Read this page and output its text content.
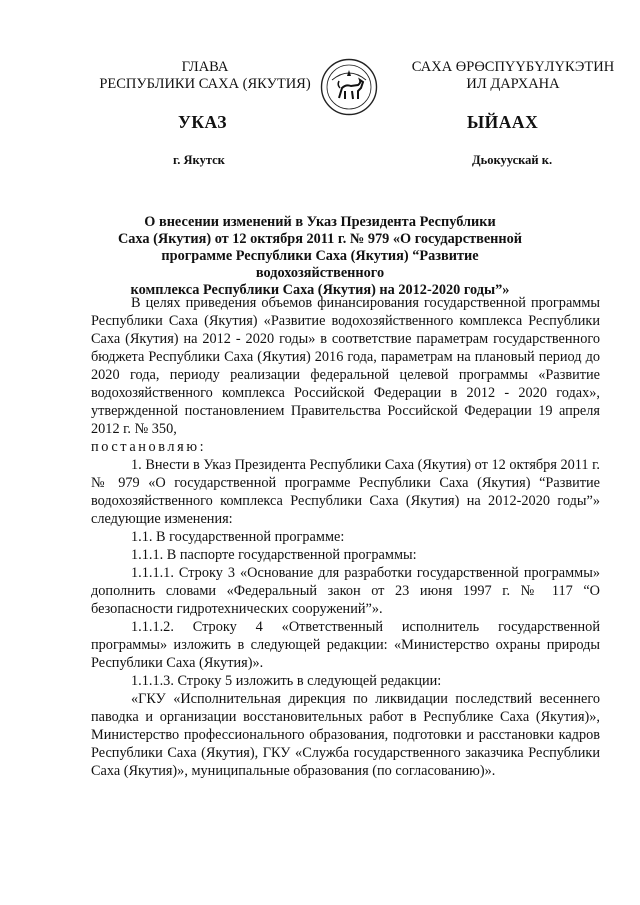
ГЛАВА
РЕСПУБЛИКИ САХА (ЯКУТИЯ)
САХА ӨРӨСПҮҮБҮЛҮКЭТИН
ИЛ ДАРХАНА
УКАЗ	ЫЙААХ
г. Якутск	Дьокуускай к.
О внесении изменений в Указ Президента Республики
Саха (Якутия) от 12 октября 2011 г. № 979 «О государственной
программе Республики Саха (Якутия) “Развитие водохозяйственного
комплекса Республики Саха (Якутия) на 2012-2020 годы”»

В целях приведения объемов финансирования государственной программы Республики Саха (Якутия) «Развитие водохозяйственного комплекса Республики Саха (Якутия) на 2012 - 2020 годы» в соответствие параметрам государственного бюджета Республики Саха (Якутия) 2016 года, параметрам на плановый период до 2020 года, периоду реализации федеральной целевой программы «Развитие водохозяйственного комплекса Российской Федерации в 2012 - 2020 годах», утвержденной постановлением Правительства Российской Федерации 19 апреля 2012 г. № 350,

постановляю:

1. Внести в Указ Президента Республики Саха (Якутия) от 12 октября 2011 г. № 979 «О государственной программе Республики Саха (Якутия) “Развитие водохозяйственного комплекса Республики Саха (Якутия) на 2012-2020 годы”» следующие изменения:

1.1. В государственной программе:

1.1.1. В паспорте государственной программы:

1.1.1.1. Строку 3 «Основание для разработки государственной программы» дополнить словами «Федеральный закон от 23 июня 1997 г. № 117 “О безопасности гидротехнических сооружений”».

1.1.1.2. Строку 4 «Ответственный исполнитель государственной программы» изложить в следующей редакции: «Министерство охраны природы Республики Саха (Якутия)».

1.1.1.3. Строку 5 изложить в следующей редакции:

«ГКУ «Исполнительная дирекция по ликвидации последствий весеннего паводка и организации восстановительных работ в Республике Саха (Якутия)», Министерство профессионального образования, подготовки и расстановки кадров Республики Саха (Якутия), ГКУ «Служба государственного заказчика Республики Саха (Якутия)», муниципальные образования (по согласованию)».
